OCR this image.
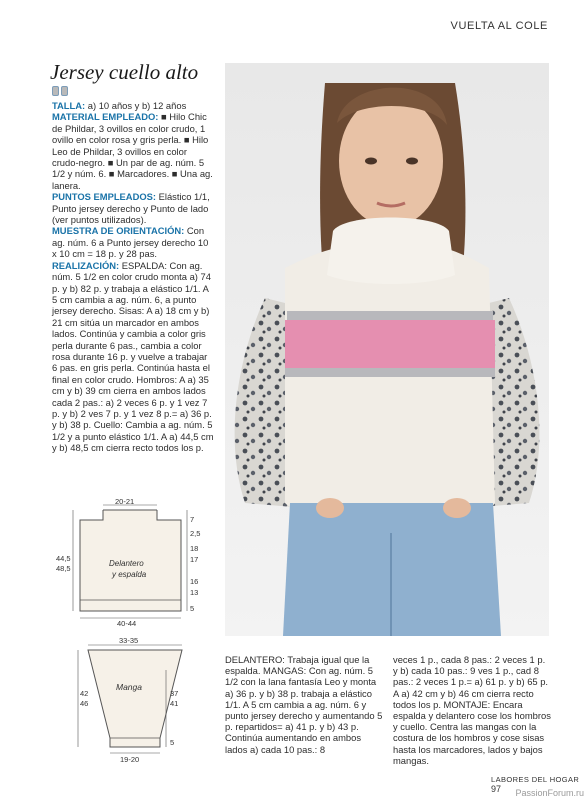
VUELTA AL COLE
Jersey cuello alto

TALLA: a) 10 años y b) 12 años

MATERIAL EMPLEADO: ■ Hilo Chic de Phildar, 3 ovillos en color crudo, 1 ovillo en color rosa y gris perla. ■ Hilo Leo de Phildar, 3 ovillos en color crudo-negro. ■ Un par de ag. núm. 5 1/2 y núm. 6. ■ Marcadores. ■ Una ag. lanera.

PUNTOS EMPLEADOS: Elástico 1/1, Punto jersey derecho y Punto de lado (ver puntos utilizados).

MUESTRA DE ORIENTACIÓN: Con ag. núm. 6 a Punto jersey derecho 10 x 10 cm = 18 p. y 28 pas.

REALIZACIÓN: ESPALDA: Con ag. núm. 5 1/2 en color crudo monta a) 74 p. y b) 82 p. y trabaja a elástico 1/1. A 5 cm cambia a ag. núm. 6, a punto jersey derecho. Sisas: A a) 18 cm y b) 21 cm sitúa un marcador en ambos lados. Continúa y cambia a color gris perla durante 6 pas., cambia a color rosa durante 16 p. y vuelve a trabajar 6 pas. en gris perla. Continúa hasta el final en color crudo. Hombros: A a) 35 cm y b) 39 cm cierra en ambos lados cada 2 pas.: a) 2 veces 6 p. y 1 vez 7 p. y b) 2 ves 7 p. y 1 vez 8 p.= a) 36 p. y b) 38 p. Cuello: Cambia a ag. núm. 5 1/2 y a punto elástico 1/1. A a) 44,5 cm y b) 48,5 cm cierra recto todos los p.

20-21
40-44
44,5
48,5
Delantero
y espalda
7
2,5
18
17
16
13
5
33-35
19-20
42
46
37
41
5
Manga

DELANTERO: Trabaja igual que la espalda. MANGAS: Con ag. núm. 5 1/2 con la lana fantasía Leo y monta a) 36 p. y b) 38 p. trabaja a elástico 1/1. A 5 cm cambia a ag. núm. 6 y punto jersey derecho y aumentando 5 p. repartidos= a) 41 p. y b) 43 p. Continúa aumentando en ambos lados a) cada 10 pas.: 8

veces 1 p., cada 8 pas.: 2 veces 1 p. y b) cada 10 pas.: 9 ves 1 p., cad 8 pas.: 2 veces 1 p.= a) 61 p. y b) 65 p. A a) 42 cm y b) 46 cm cierra recto todos los p. MONTAJE: Encara espalda y delantero cose los hombros y cuello. Centra las mangas con la costura de los hombros y cose sisas hasta los marcadores, lados y bajos mangas.

LABORES DEL HOGAR 97	PassionForum.ru
